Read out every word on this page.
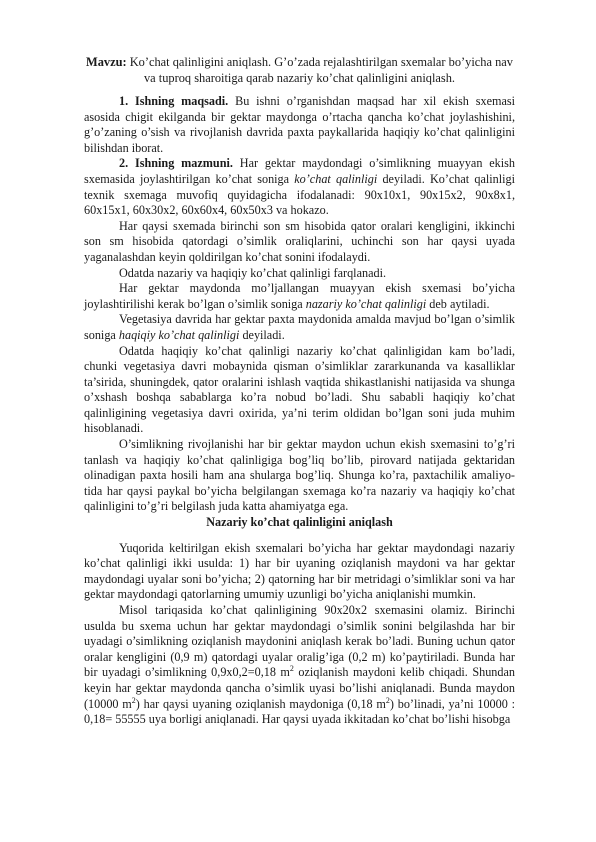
Mavzu: Ko’chat qalinligini aniqlash. G’o’zada rejalashtirilgan sxemalar bo’yicha nav va tuproq sharoitiga qarab nazariy ko’chat qalinligini aniqlash.

1. Ishning maqsadi. Bu ishni o’rganishdan maqsad har xil ekish sxemasi asosida chigit ekilganda bir gektar maydonga o’rtacha qancha ko’chat joylashishini, g’o’zaning o’sish va rivojlanish davrida paxta paykallarida haqiqiy ko’chat qalinligini bilishdan iborat.

2. Ishning mazmuni. Har gektar maydondagi o’simlikning muayyan ekish sxemasida joylashtirilgan ko’chat soniga ko’chat qalinligi deyiladi. Ko’chat qalinligi texnik sxemaga muvofiq quyidagicha ifodalanadi: 90x10x1, 90x15x2, 90x8x1, 60x15x1, 60x30x2, 60x60x4, 60x50x3 va hokazo.

Har qaysi sxemada birinchi son sm hisobida qator oralari kengligini, ikkinchi son sm hisobida qatordagi o’simlik oraliqlarini, uchinchi son har qaysi uyada yaganalashdan keyin qoldirilgan ko’chat sonini ifodalaydi.

Odatda nazariy va haqiqiy ko’chat qalinligi farqlanadi.

Har gektar maydonda mo’ljallangan muayyan ekish sxemasi bo’yicha joylashtirilishi kerak bo’lgan o’simlik soniga nazariy ko’chat qalinligi deb aytiladi.

Vegetasiya davrida har gektar paxta maydonida amalda mavjud bo’lgan o’simlik soniga haqiqiy ko’chat qalinligi deyiladi.

Odatda haqiqiy ko’chat qalinligi nazariy ko’chat qalinligidan kam bo’ladi, chunki vegetasiya davri mobaynida qisman o’simliklar zararkunanda va kasalliklar ta’sirida, shuningdek, qator oralarini ishlash vaqtida shikastlanishi natijasida va shunga o’xshash boshqa sabablarga ko’ra nobud bo’ladi. Shu sababli haqiqiy ko’chat qalinligining vegetasiya davri oxirida, ya’ni terim oldidan bo’lgan soni juda muhim hisoblanadi.

O’simlikning rivojlanishi har bir gektar maydon uchun ekish sxemasini to’g’ri tanlash va haqiqiy ko’chat qalinligiga bog’liq bo’lib, pirovard natijada gektaridan olinadigan paxta hosili ham ana shularga bog’liq. Shunga ko’ra, paxtachilik amaliyo-tida har qaysi paykal bo’yicha belgilangan sxemaga ko’ra nazariy va haqiqiy ko’chat qalinligini to’g’ri belgilash juda katta ahamiyatga ega.

Nazariy ko’chat qalinligini aniqlash

Yuqorida keltirilgan ekish sxemalari bo’yicha har gektar maydondagi nazariy ko’chat qalinligi ikki usulda: 1) har bir uyaning oziqlanish maydoni va har gektar maydondagi uyalar soni bo’yicha; 2) qatorning har bir metridagi o’simliklar soni va har gektar maydondagi qatorlarning umumiy uzunligi bo’yicha aniqlanishi mumkin.

Misol tariqasida ko’chat qalinligining 90x20x2 sxemasini olamiz. Birinchi usulda bu sxema uchun har gektar maydondagi o’simlik sonini belgilashda har bir uyadagi o’simlikning oziqlanish maydonini aniqlash kerak bo’ladi. Buning uchun qator oralar kengligini (0,9 m) qatordagi uyalar oralig’iga (0,2 m) ko’paytiriladi. Bunda har bir uyadagi o’simlikning 0,9x0,2=0,18 $m^2$ oziqlanish maydoni kelib chiqadi. Shundan keyin har gektar maydonda qancha o’simlik uyasi bo’lishi aniqlanadi. Bunda maydon (10000 $m^2$) har qaysi uyaning oziqlanish maydoniga (0,18 $m^2$) bo’linadi, ya’ni 10000 : 0,18= 55555 uya borligi aniqlanadi. Har qaysi uyada ikkitadan ko’chat bo’lishi hisobga
